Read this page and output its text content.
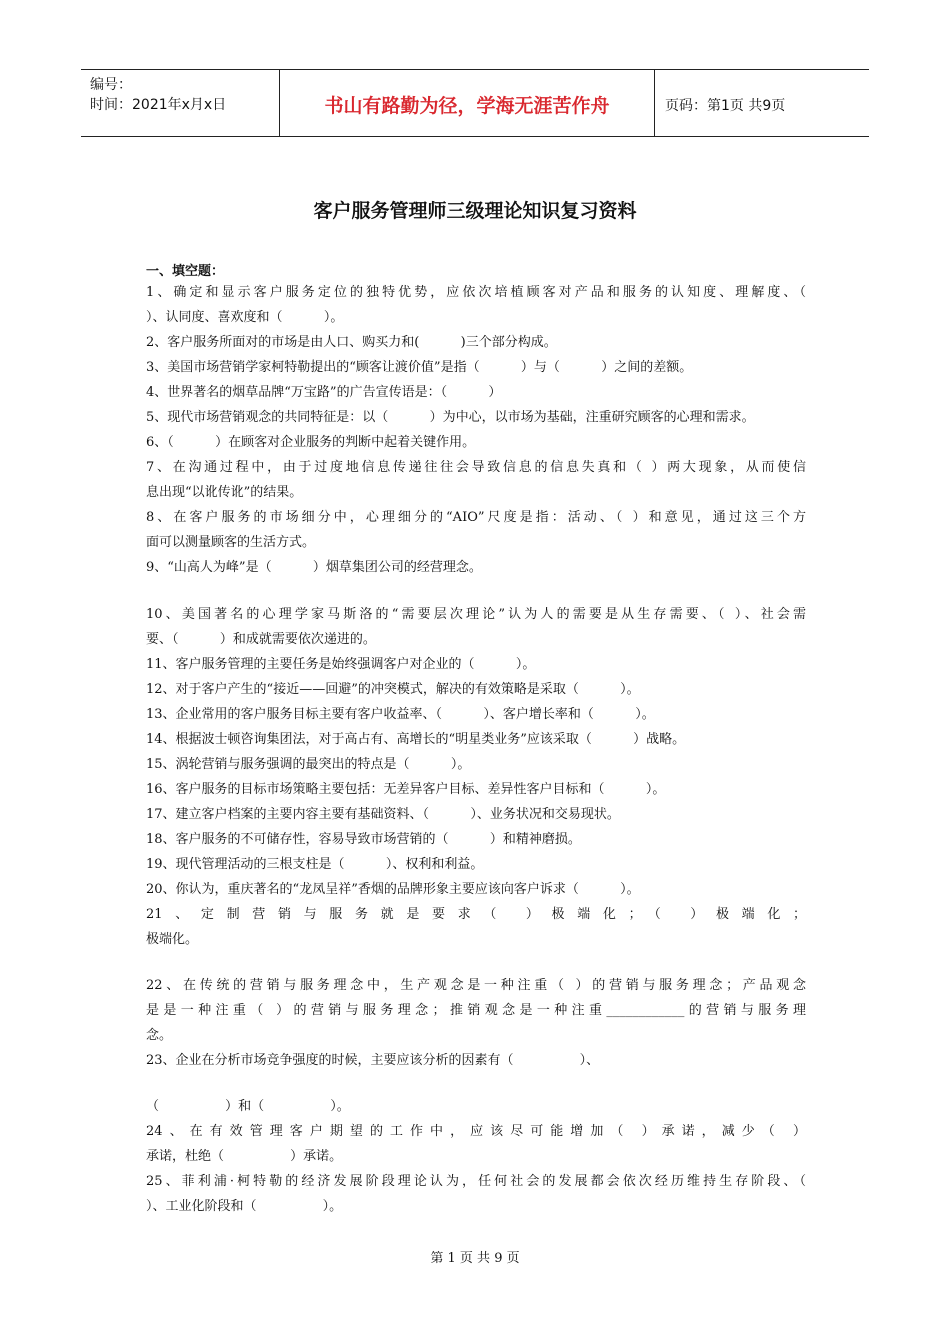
编号：
时间：2021年x月x日	书山有路勤为径，学海无涯苦作舟	页码：第1页 共9页
客户服务管理师三级理论知识复习资料
一、填空题：
1、确定和显示客户服务定位的独特优势，应依次培植顾客对产品和服务的认知度、理解度、（
）、认同度、喜欢度和（          ）。
2、客户服务所面对的市场是由人口、购买力和(          )三个部分构成。
3、美国市场营销学家柯特勒提出的“顾客让渡价值”是指（          ）与（          ）之间的差额。
4、世界著名的烟草品牌“万宝路”的广告宣传语是：（          ）
5、现代市场营销观念的共同特征是：以（          ）为中心，以市场为基础，注重研究顾客的心理和需求。
6、（          ）在顾客对企业服务的判断中起着关键作用。
7、在沟通过程中，由于过度地信息传递往往会导致信息的信息失真和（ ）两大现象，从而使信
息出现“以讹传讹”的结果。
8、在客户服务的市场细分中，心理细分的“AIO”尺度是指：活动、（ ）和意见，通过这三个方
面可以测量顾客的生活方式。
9、“山高人为峰”是（          ）烟草集团公司的经营理念。
10、美国著名的心理学家马斯洛的“需要层次理论”认为人的需要是从生存需要、（ ）、社会需
要、（          ）和成就需要依次递进的。
11、客户服务管理的主要任务是始终强调客户对企业的（          ）。
12、对于客户产生的“接近——回避”的冲突模式，解决的有效策略是采取（          ）。
13、企业常用的客户服务目标主要有客户收益率、（          ）、客户增长率和（          ）。
14、根据波士顿咨询集团法，对于高占有、高增长的“明星类业务”应该采取（          ）战略。
15、涡轮营销与服务强调的最突出的特点是（          ）。
16、客户服务的目标市场策略主要包括：无差异客户目标、差异性客户目标和（          ）。
17、建立客户档案的主要内容主要有基础资料、（          ）、业务状况和交易现状。
18、客户服务的不可储存性，容易导致市场营销的（          ）和精神磨损。
19、现代管理活动的三根支柱是（          ）、权利和利益。
20、你认为，重庆著名的“龙凤呈祥”香烟的品牌形象主要应该向客户诉求（          ）。
21、定制营销与服务就是要求（ ）极端化；（ ）极端化；
极端化。
22、在传统的营销与服务理念中，生产观念是一种注重（ ）的营销与服务理念；产品观念
是是一种注重（ ）的营销与服务理念；推销观念是一种注重____________的营销与服务理
念。
23、企业在分析市场竞争强度的时候，主要应该分析的因素有（                ）、
（                ）和（                ）。
24、在有效管理客户期望的工作中，应该尽可能增加（ ）承诺，减少（ ）
承诺，杜绝（                ）承诺。
25、菲利浦·柯特勒的经济发展阶段理论认为，任何社会的发展都会依次经历维持生存阶段、（
）、工业化阶段和（                ）。
第 1 页 共 9 页
